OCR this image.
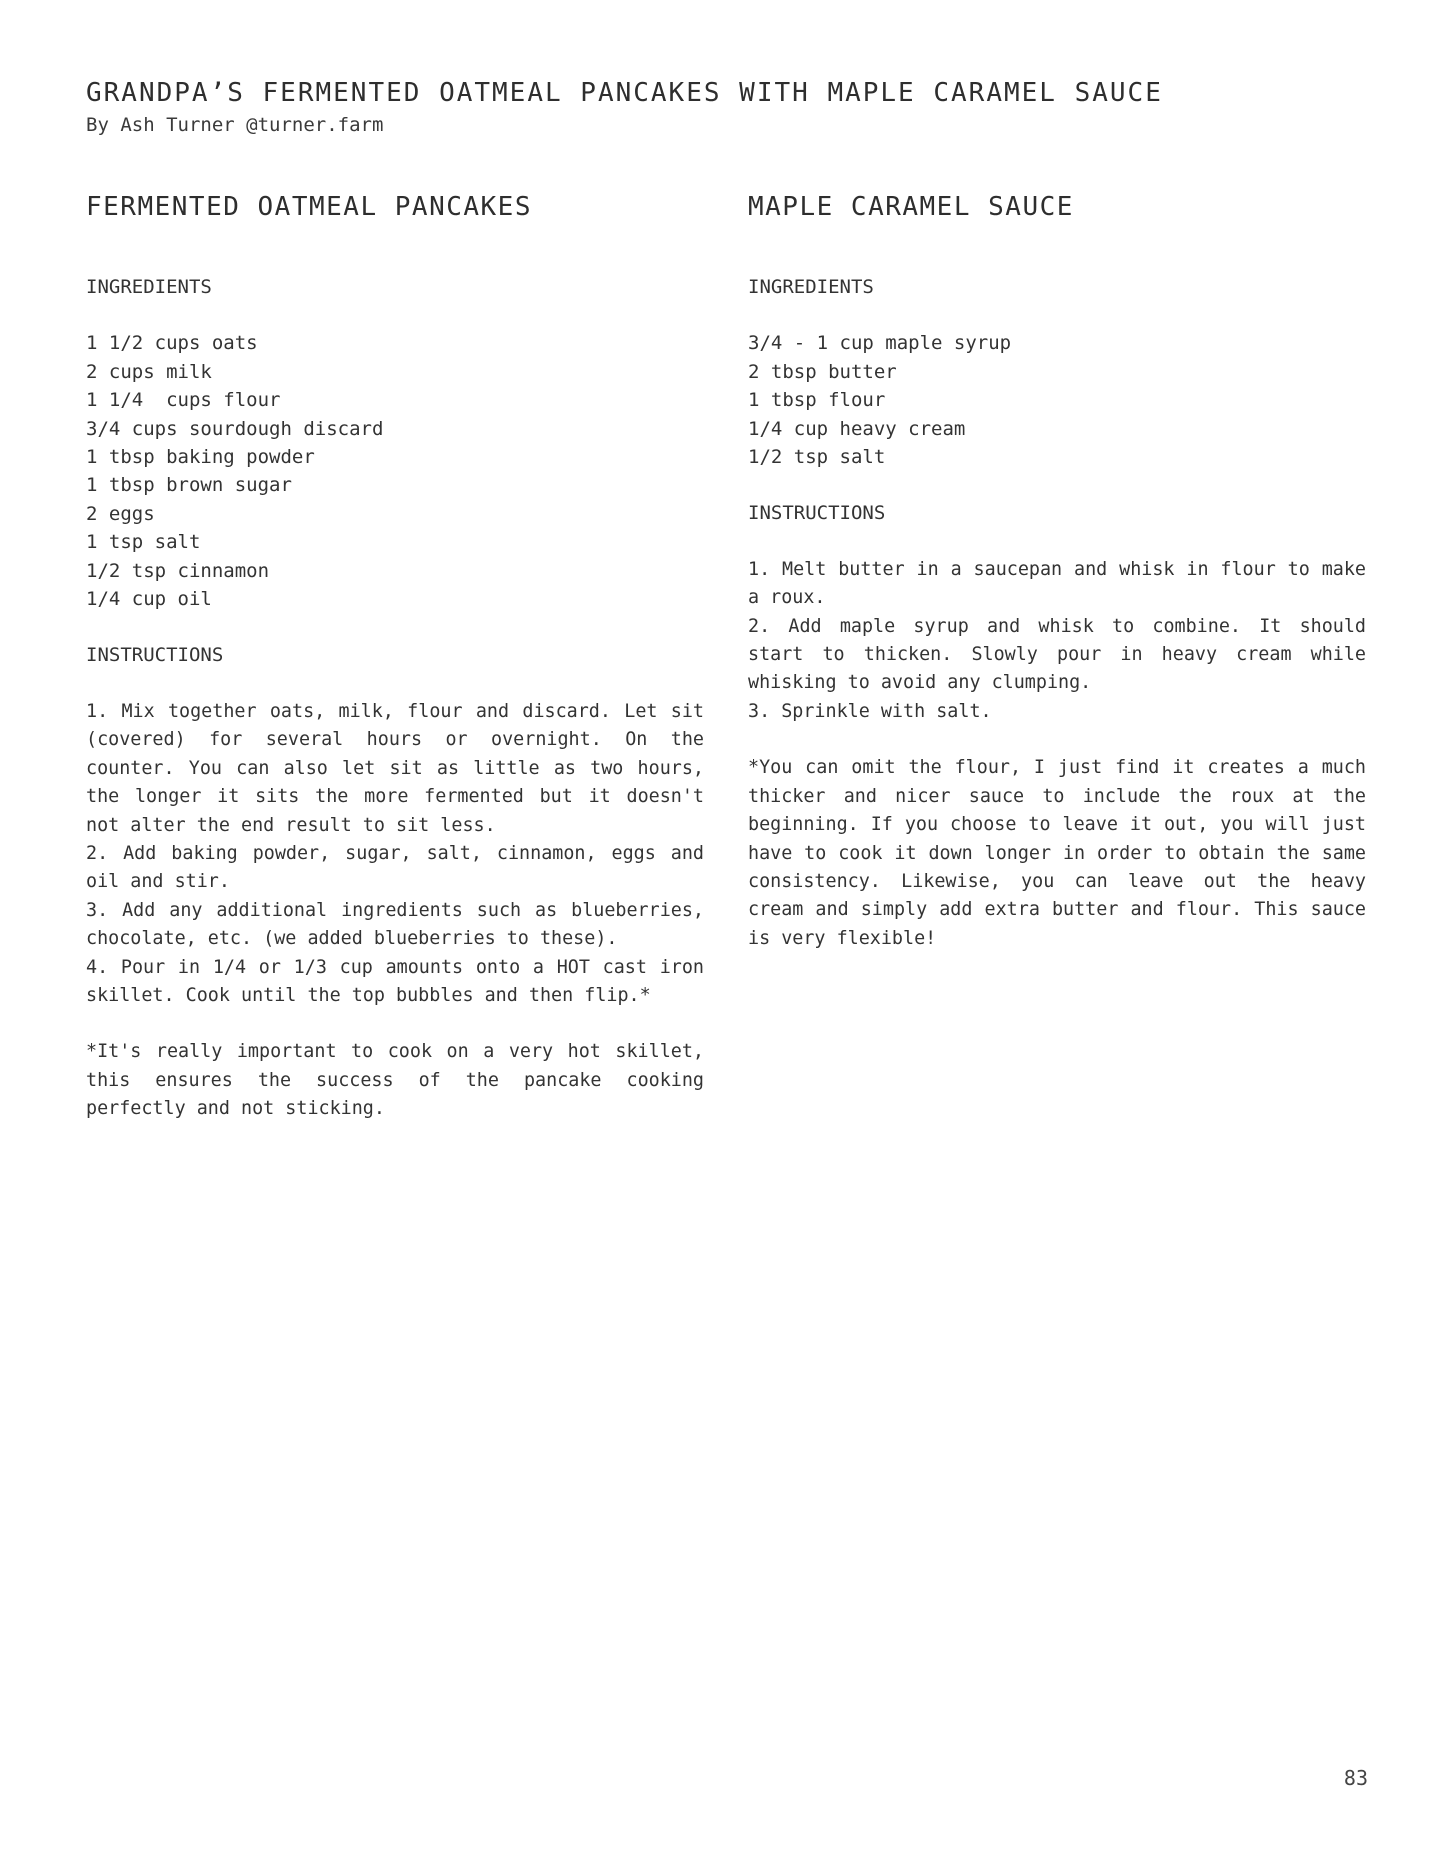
GRANDPA’S FERMENTED OATMEAL PANCAKES WITH MAPLE CARAMEL SAUCE

By Ash Turner @turner.farm

FERMENTED OATMEAL PANCAKES
INGREDIENTS
1 1/2 cups oats
2 cups milk
1 1/4  cups flour
3/4 cups sourdough discard
1 tbsp baking powder
1 tbsp brown sugar
2 eggs
1 tsp salt
1/2 tsp cinnamon
1/4 cup oil
INSTRUCTIONS

1. Mix together oats, milk, flour and discard. Let sit (covered) for several hours or overnight. On the counter. You can also let sit as little as two hours, the longer it sits the more fermented but it doesn't not alter the end result to sit less.

2. Add baking powder, sugar, salt, cinnamon, eggs and oil and stir.

3. Add any additional ingredients such as blueberries, chocolate, etc. (we added blueberries to these).

4. Pour in 1/4 or 1/3 cup amounts onto a HOT cast iron skillet. Cook until the top bubbles and then flip.*

*It's really important to cook on a very hot skillet, this ensures the success of the pancake cooking perfectly and not sticking.

MAPLE CARAMEL SAUCE
INGREDIENTS
3/4 - 1 cup maple syrup
2 tbsp butter
1 tbsp flour
1/4 cup heavy cream
1/2 tsp salt
INSTRUCTIONS

1. Melt butter in a saucepan and whisk in flour to make a roux.

2. Add maple syrup and whisk to combine. It should start to thicken. Slowly pour in heavy cream while whisking to avoid any clumping.

3. Sprinkle with salt.

*You can omit the flour, I just find it creates a much thicker and nicer sauce to include the roux at the beginning. If you choose to leave it out, you will just have to cook it down longer in order to obtain the same consistency. Likewise, you can leave out the heavy cream and simply add extra butter and flour. This sauce is very flexible!

83
